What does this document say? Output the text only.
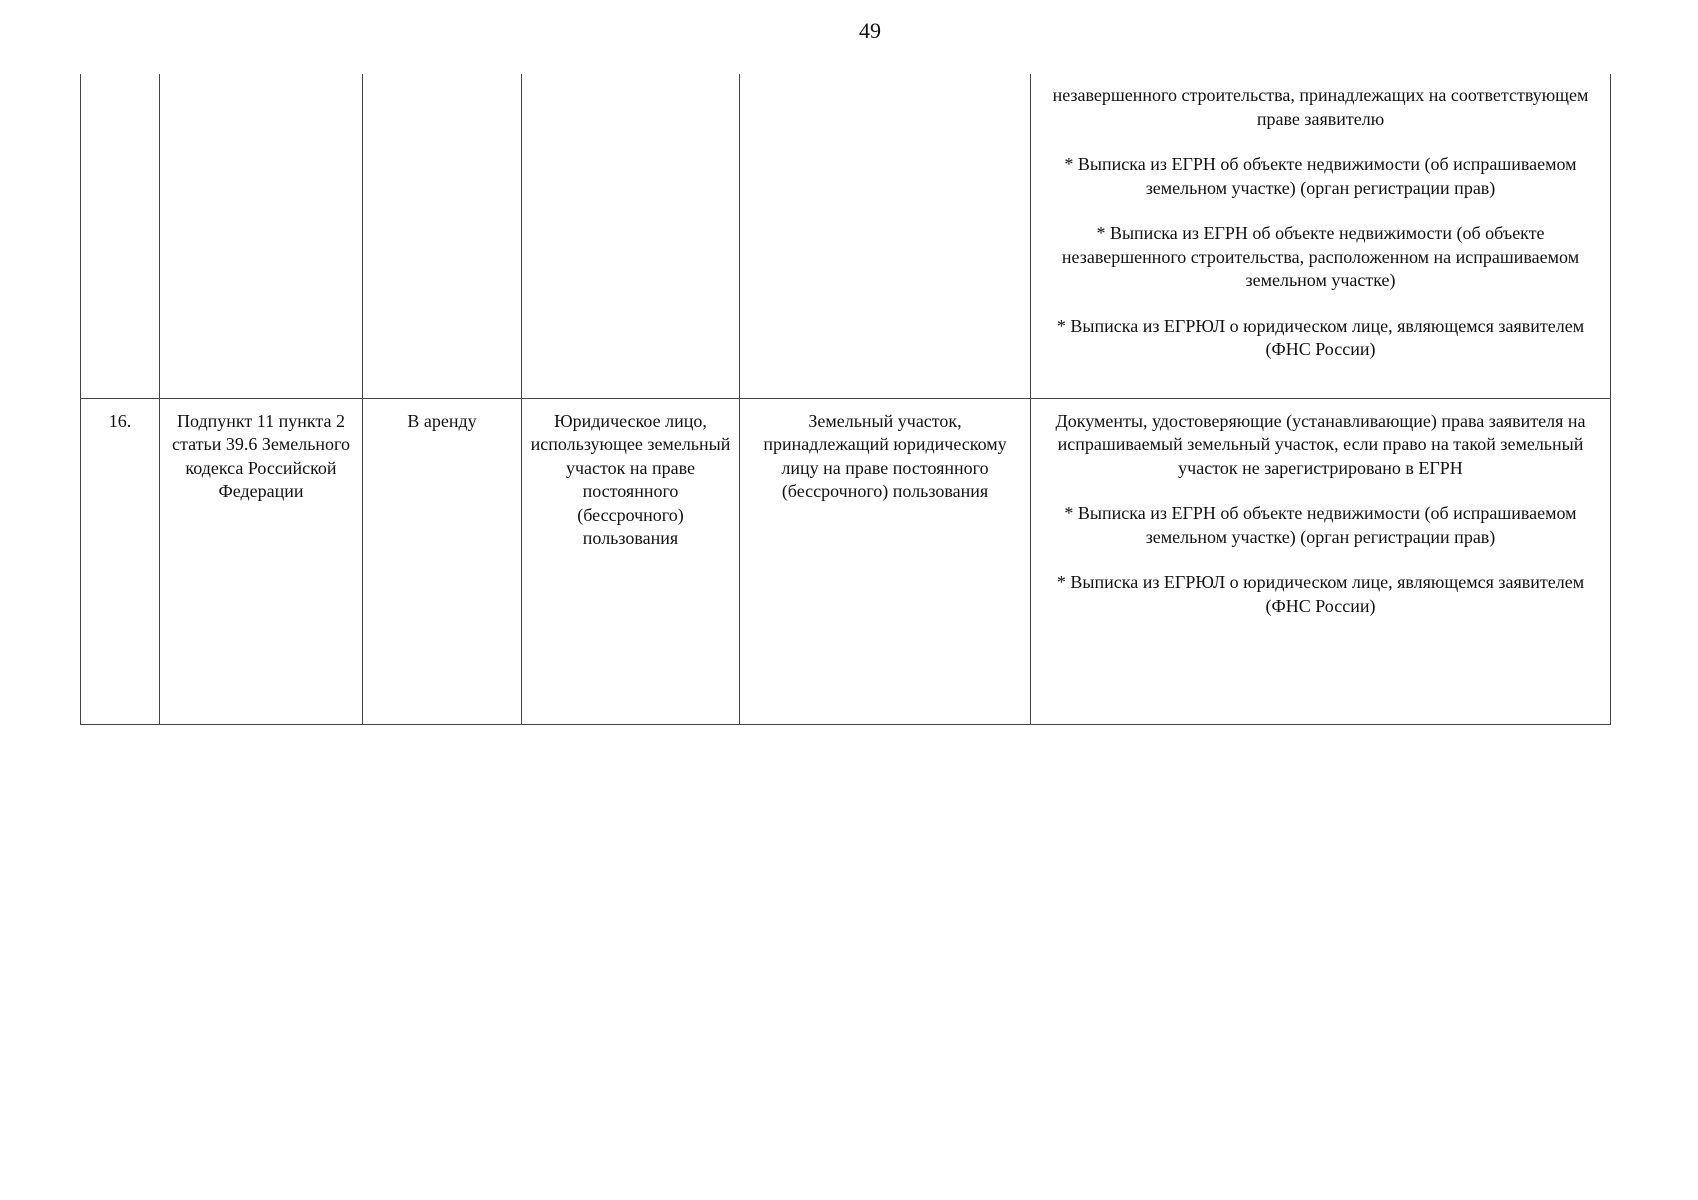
49

					незавершенного строительства, принадлежащих на соответствующем праве заявителю

* Выписка из ЕГРН об объекте недвижимости (об испрашиваемом земельном участке) (орган регистрации прав)

* Выписка из ЕГРН об объекте недвижимости (об объекте незавершенного строительства, расположенном на испрашиваемом земельном участке)

* Выписка из ЕГРЮЛ о юридическом лице, являющемся заявителем (ФНС России)

16.	Подпункт 11 пункта 2 статьи 39.6 Земельного кодекса Российской Федерации	В аренду	Юридическое лицо, использующее земельный участок на праве постоянного (бессрочного) пользования	Земельный участок, принадлежащий юридическому лицу на праве постоянного (бессрочного) пользования	Документы, удостоверяющие (устанавливающие) права заявителя на испрашиваемый земельный участок, если право на такой земельный участок не зарегистрировано в ЕГРН

* Выписка из ЕГРН об объекте недвижимости (об испрашиваемом земельном участке) (орган регистрации прав)

* Выписка из ЕГРЮЛ о юридическом лице, являющемся заявителем (ФНС России)
